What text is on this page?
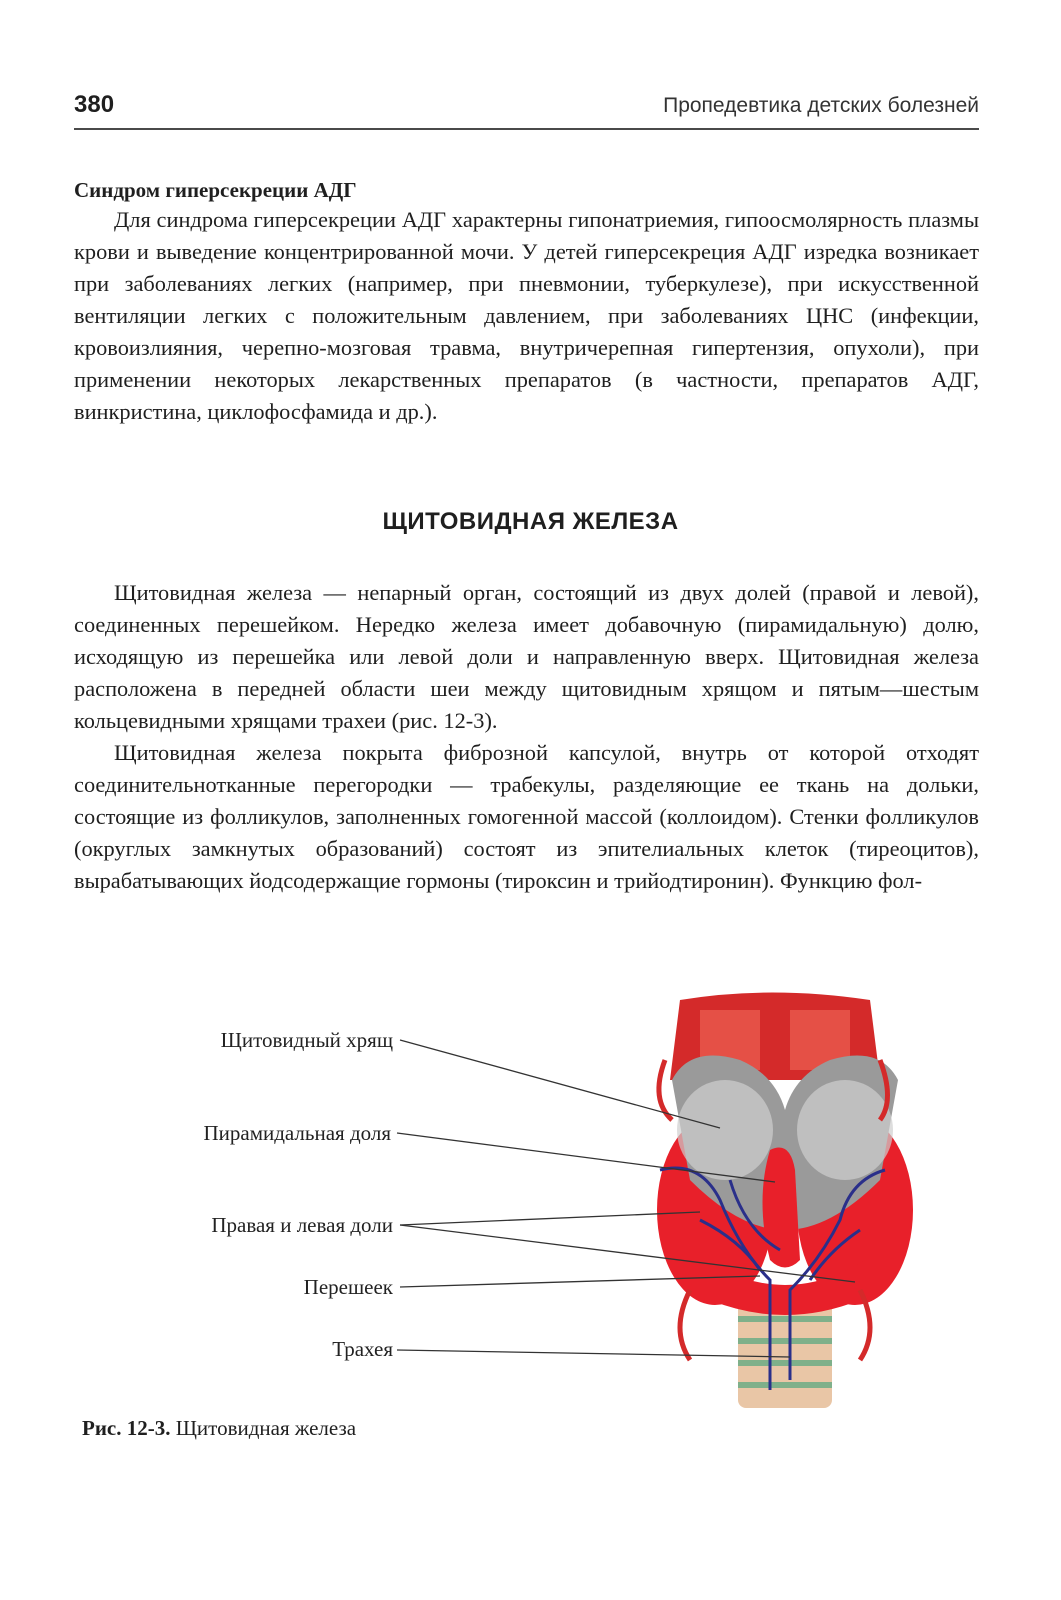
380	Пропедевтика детских болезней
Синдром гиперсекреции АДГ

Для синдрома гиперсекреции АДГ характерны гипонатриемия, гипоосмолярность плазмы крови и выведение концентрированной мочи. У детей гиперсекреция АДГ изредка возникает при заболеваниях легких (например, при пневмонии, туберкулезе), при искусственной вентиляции легких с положительным давлением, при заболеваниях ЦНС (инфекции, кровоизлияния, черепно-мозговая травма, внутричерепная гипертензия, опухоли), при применении некоторых лекарственных препаратов (в частности, препаратов АДГ, винкристина, циклофосфамида и др.).

ЩИТОВИДНАЯ ЖЕЛЕЗА

Щитовидная железа — непарный орган, состоящий из двух долей (правой и левой), соединенных перешейком. Нередко железа имеет добавочную (пирамидальную) долю, исходящую из перешейка или левой доли и направленную вверх. Щитовидная железа расположена в передней области шеи между щитовидным хрящом и пятым—шестым кольцевидными хрящами трахеи (рис. 12-3).

Щитовидная железа покрыта фиброзной капсулой, внутрь от которой отходят соединительнотканные перегородки — трабекулы, разделяющие ее ткань на дольки, состоящие из фолликулов, заполненных гомогенной массой (коллоидом). Стенки фолликулов (округлых замкнутых образований) состоят из эпителиальных клеток (тиреоцитов), вырабатывающих йодсодержащие гормоны (тироксин и трийодтиронин). Функцию фол-

Щитовидный хрящ
Пирамидальная доля
Правая и левая доли
Перешеек
Трахея
Рис. 12-3. Щитовидная железа
